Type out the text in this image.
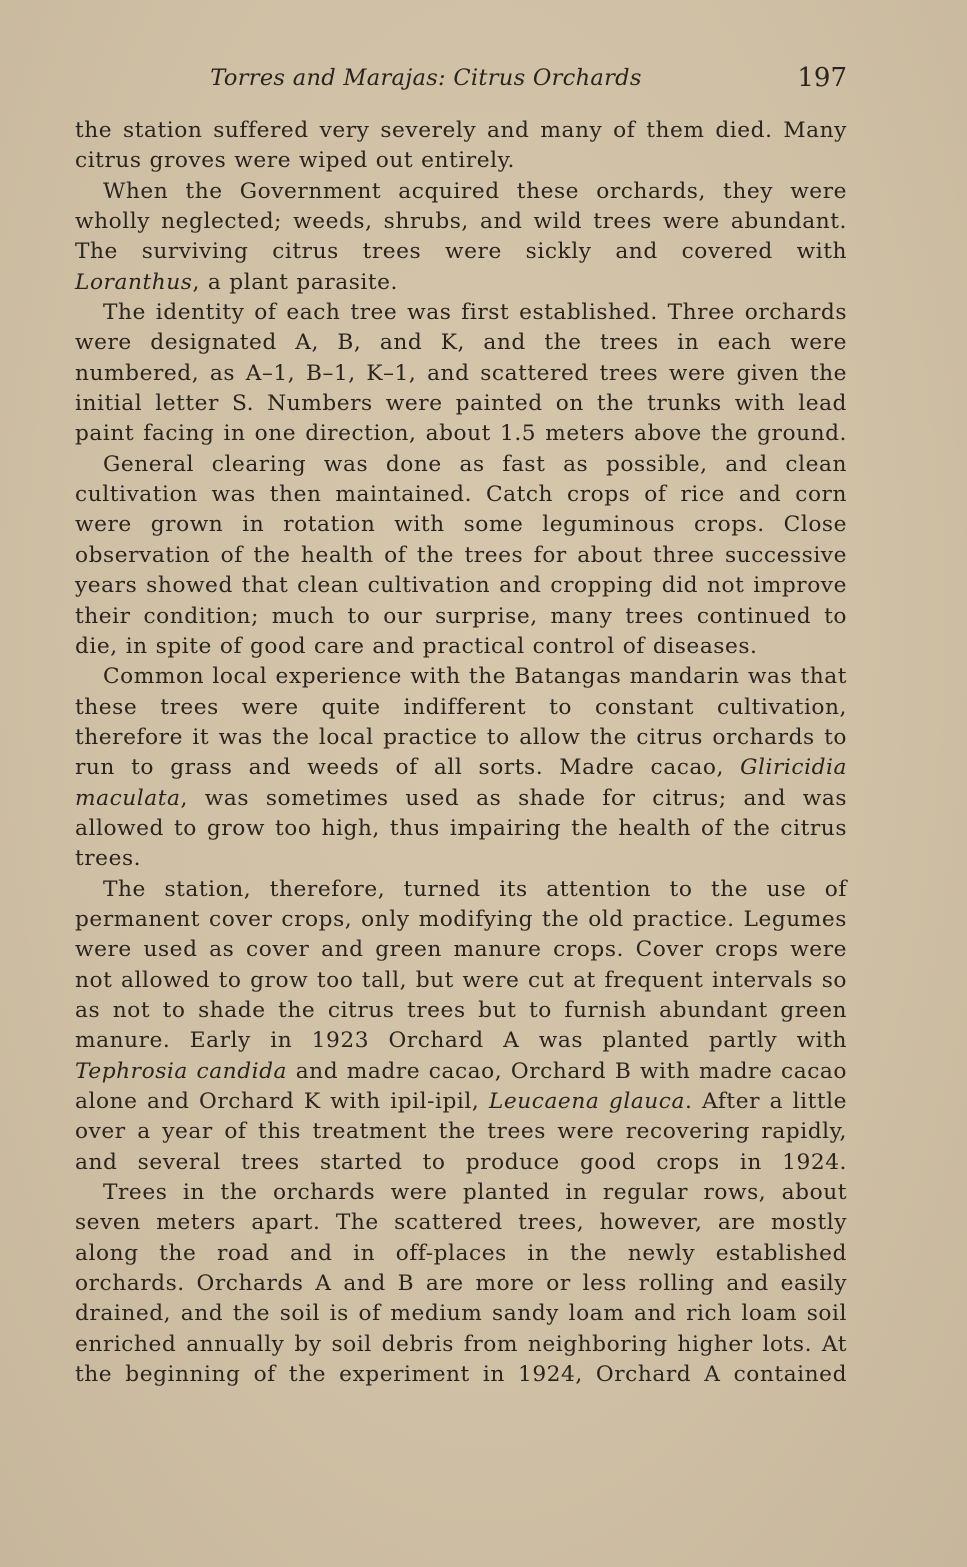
Torres and Marajas: Citrus Orchards	197

the station suffered very severely and many of them died. Many citrus groves were wiped out entirely.

When the Government acquired these orchards, they were wholly neglected; weeds, shrubs, and wild trees were abundant. The surviving citrus trees were sickly and covered with Loranthus, a plant parasite.

The identity of each tree was first established. Three orchards were designated A, B, and K, and the trees in each were numbered, as A–1, B–1, K–1, and scattered trees were given the initial letter S. Numbers were painted on the trunks with lead paint facing in one direction, about 1.5 meters above the ground.

General clearing was done as fast as possible, and clean cultivation was then maintained. Catch crops of rice and corn were grown in rotation with some leguminous crops. Close observation of the health of the trees for about three successive years showed that clean cultivation and cropping did not improve their condition; much to our surprise, many trees continued to die, in spite of good care and practical control of diseases.

Common local experience with the Batangas mandarin was that these trees were quite indifferent to constant cultivation, therefore it was the local practice to allow the citrus orchards to run to grass and weeds of all sorts. Madre cacao, Gliricidia maculata, was sometimes used as shade for citrus; and was allowed to grow too high, thus impairing the health of the citrus trees.

The station, therefore, turned its attention to the use of permanent cover crops, only modifying the old practice. Legumes were used as cover and green manure crops. Cover crops were not allowed to grow too tall, but were cut at frequent intervals so as not to shade the citrus trees but to furnish abundant green manure. Early in 1923 Orchard A was planted partly with Tephrosia candida and madre cacao, Orchard B with madre cacao alone and Orchard K with ipil-ipil, Leucaena glauca. After a little over a year of this treatment the trees were recovering rapidly, and several trees started to produce good crops in 1924.

Trees in the orchards were planted in regular rows, about seven meters apart. The scattered trees, however, are mostly along the road and in off-places in the newly established orchards. Orchards A and B are more or less rolling and easily drained, and the soil is of medium sandy loam and rich loam soil enriched annually by soil debris from neighboring higher lots. At the beginning of the experiment in 1924, Orchard A contained
